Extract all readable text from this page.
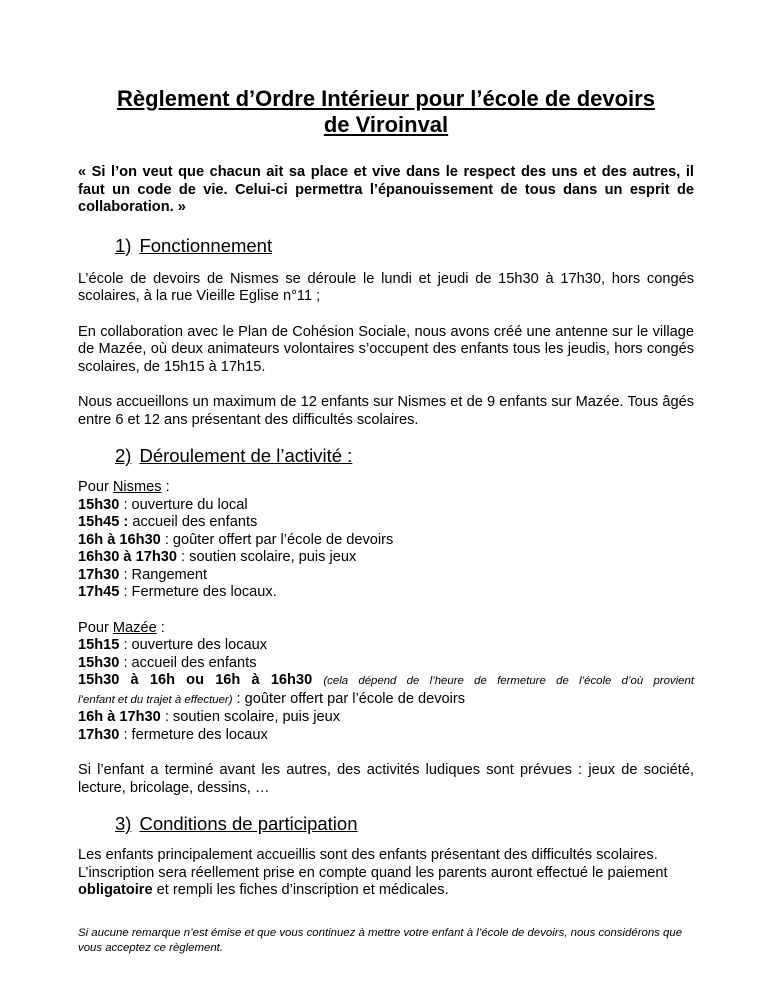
Règlement d’Ordre Intérieur pour l’école de devoirs
de Viroinval

« Si l’on veut que chacun ait sa place et vive dans le respect des uns et des autres, il faut un code de vie. Celui-ci permettra l’épanouissement de tous dans un esprit de collaboration. »

1) Fonctionnement

L’école de devoirs de Nismes se déroule le lundi et jeudi de 15h30 à 17h30, hors congés scolaires, à la rue Vieille Eglise n°11 ;

En collaboration avec le Plan de Cohésion Sociale, nous avons créé une antenne sur le village de Mazée, où deux animateurs volontaires s’occupent des enfants tous les jeudis, hors congés scolaires, de 15h15 à 17h15.

Nous accueillons un maximum de 12 enfants sur Nismes et de 9 enfants sur Mazée. Tous âgés entre 6 et 12 ans présentant des difficultés scolaires.

2) Déroulement de l’activité :
Pour Nismes :
15h30 : ouverture du local
15h45 : accueil des enfants
16h à 16h30 : goûter offert par l’école de devoirs
16h30 à 17h30 : soutien scolaire, puis jeux
17h30 : Rangement
17h45 : Fermeture des locaux.
Pour Mazée :
15h15 : ouverture des locaux
15h30 : accueil des enfants
15h30 à 16h ou 16h à 16h30 (cela dépend de l’heure de fermeture de l’école d’où provient
l’enfant et du trajet à effectuer) : goûter offert par l’école de devoirs
16h à 17h30 : soutien scolaire, puis jeux
17h30 : fermeture des locaux

Si l’enfant a terminé avant les autres, des activités ludiques sont prévues : jeux de société, lecture, bricolage, dessins, …

3) Conditions de participation

Les enfants principalement accueillis sont des enfants présentant des difficultés scolaires.
L’inscription sera réellement prise en compte quand les parents auront effectué le paiement obligatoire et rempli les fiches d’inscription et médicales.

Si aucune remarque n’est émise et que vous continuez à mettre votre enfant à l’école de devoirs, nous considérons que vous acceptez ce règlement.
